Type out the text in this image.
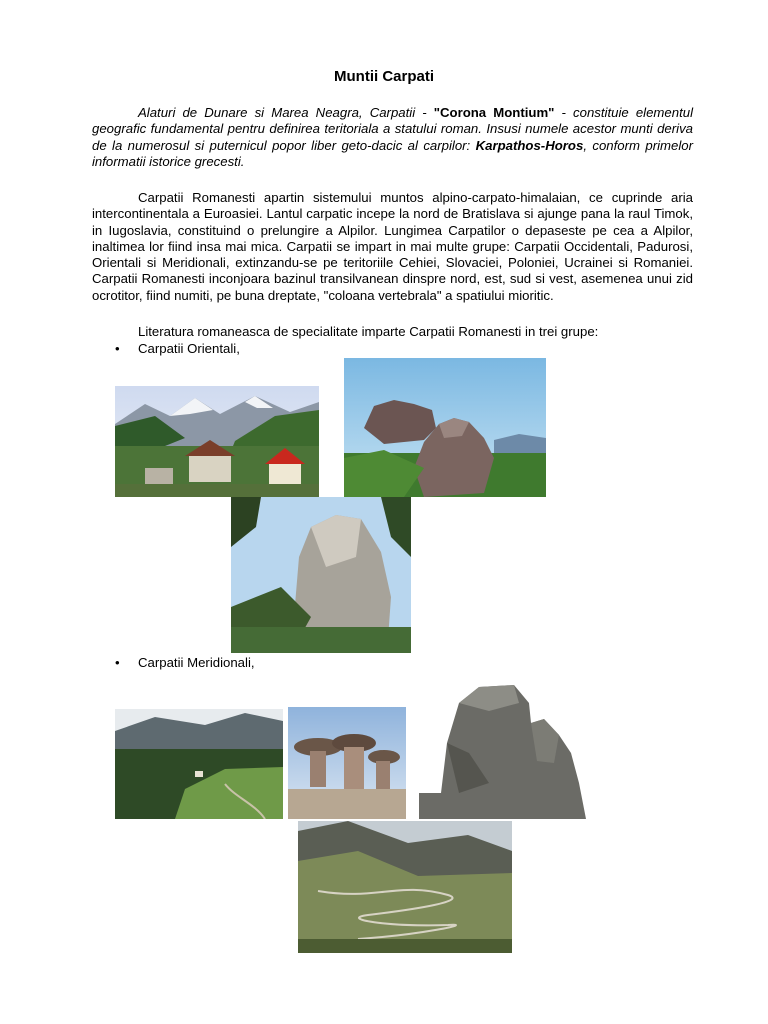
Muntii Carpati

Alaturi de Dunare si Marea Neagra, Carpatii - "Corona Montium" - constituie elementul geografic fundamental pentru definirea teritoriala a statului roman. Insusi numele acestor munti deriva de la numerosul si puternicul popor liber geto-dacic al carpilor: Karpathos-Horos, conform primelor informatii istorice grecesti.

Carpatii Romanesti apartin sistemului muntos alpino-carpato-himalaian, ce cuprinde aria intercontinentala a Euroasiei. Lantul carpatic incepe la nord de Bratislava si ajunge pana la raul Timok, in Iugoslavia, constituind o prelungire a Alpilor. Lungimea Carpatilor o depaseste pe cea a Alpilor, inaltimea lor fiind insa mai mica. Carpatii se impart in mai multe grupe: Carpatii Occidentali, Padurosi, Orientali si Meridionali, extinzandu-se pe teritoriile Cehiei, Slovaciei, Poloniei, Ucrainei si Romaniei. Carpatii Romanesti inconjoara bazinul transilvanean dinspre nord, est, sud si vest, asemenea unui zid ocrotitor, fiind numiti, pe buna dreptate, "coloana vertebrala" a spatiului mioritic.

Literatura romaneasca de specialitate imparte Carpatii Romanesti in trei grupe:

• Carpatii Orientali,
• Carpatii Meridionali,
